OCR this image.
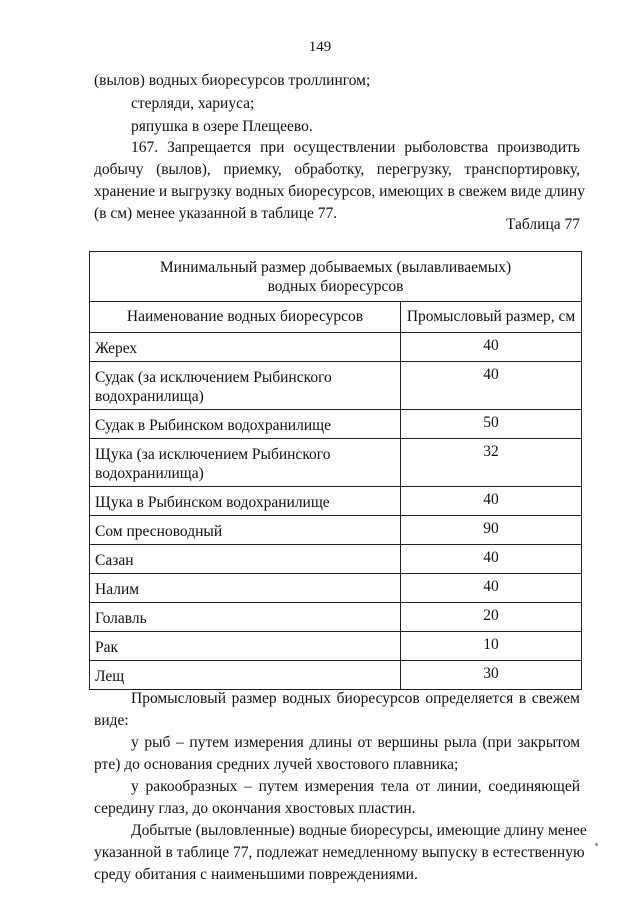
149
(вылов) водных биоресурсов троллингом;
стерляди, хариуса;
ряпушка в озере Плещеево.
167. Запрещается при осуществлении рыболовства производить
добычу (вылов), приемку, обработку, перегрузку, транспортировку,
хранение и выгрузку водных биоресурсов, имеющих в свежем виде длину
(в см) менее указанной в таблице 77.
Таблица 77
Минимальный размер добываемых (вылавливаемых)
водных биоресурсов	

Наименование водных биоресурсов	Промысловый размер, см

Жерех	40

Судак (за исключением Рыбинского
водохранилища)	40

Судак в Рыбинском водохранилище	50

Щука (за исключением Рыбинского
водохранилища)	32

Щука в Рыбинском водохранилище	40

Сом пресноводный	90

Сазан	40

Налим	40

Голавль	20

Рак	10

Лещ	30
Промысловый размер водных биоресурсов определяется в свежем
виде:
у рыб – путем измерения длины от вершины рыла (при закрытом
рте) до основания средних лучей хвостового плавника;
у ракообразных – путем измерения тела от линии, соединяющей
середину глаз, до окончания хвостовых пластин.
Добытые (выловленные) водные биоресурсы, имеющие длину менее
указанной в таблице 77, подлежат немедленному выпуску в естественную
среду обитания с наименьшими повреждениями.
